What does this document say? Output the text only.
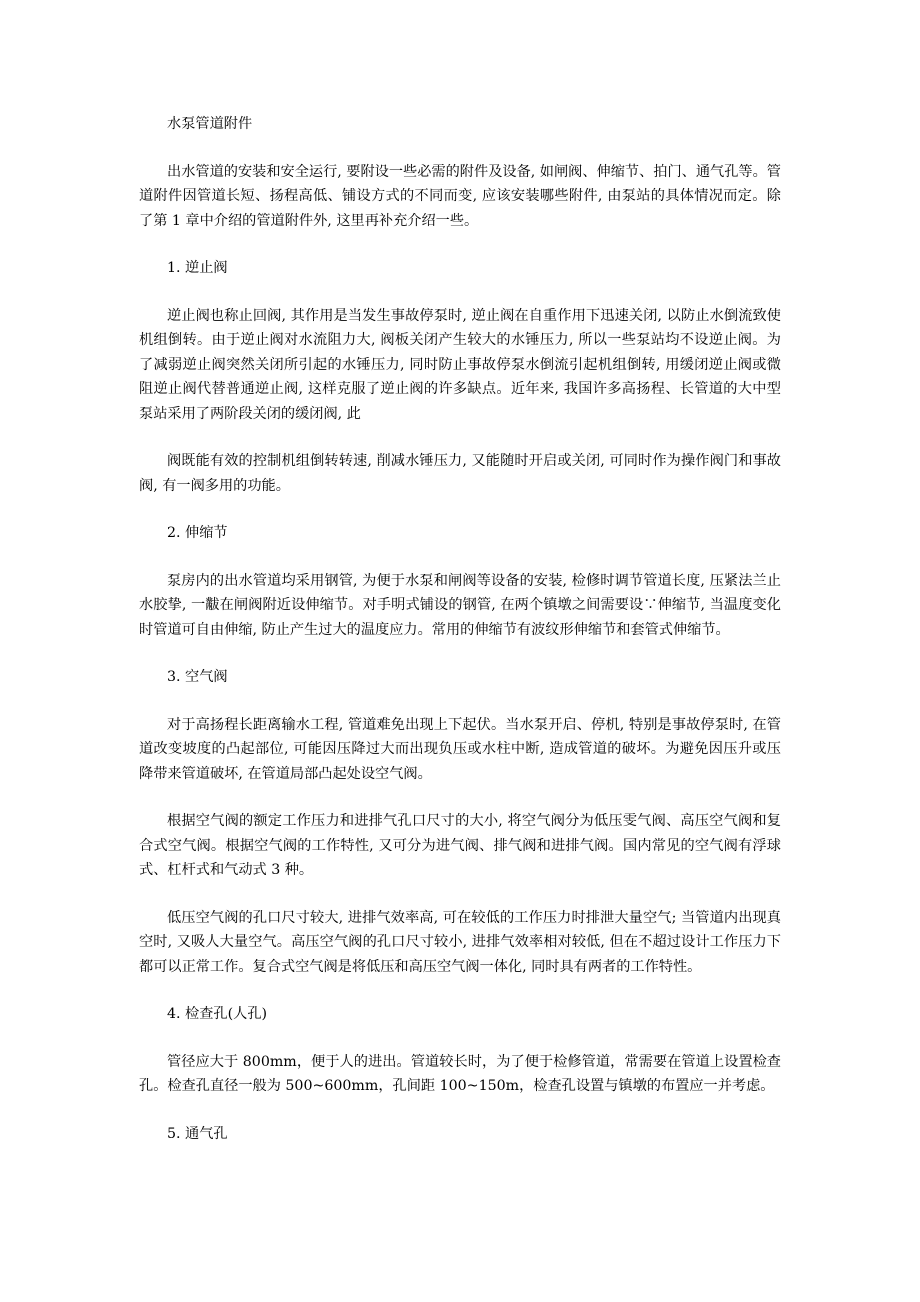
水泵管道附件

出水管道的安装和安全运行, 要附设一些必需的附件及设备, 如闸阀、伸缩节、拍门、通气孔等。管道附件因管道长短、扬程高低、铺设方式的不同而变, 应该安装哪些附件, 由泵站的具体情况而定。除了第 1 章中介绍的管道附件外, 这里再补充介绍一些。

1. 逆止阀

逆止阀也称止回阀, 其作用是当发生事故停泵时, 逆止阀在自重作用下迅速关闭, 以防止水倒流致使机组倒转。由于逆止阀对水流阻力大, 阀板关闭产生较大的水锤压力, 所以一些泵站均不设逆止阀。为了减弱逆止阀突然关闭所引起的水锤压力, 同时防止事故停泵水倒流引起机组倒转, 用缓闭逆止阀或微阻逆止阀代替普通逆止阀, 这样克服了逆止阀的许多缺点。近年来, 我国许多高扬程、长管道的大中型泵站采用了两阶段关闭的缓闭阀, 此

阀既能有效的控制机组倒转转速, 削减水锤压力, 又能随时开启或关闭, 可同时作为操作阀门和事故阀, 有一阀多用的功能。

2. 伸缩节

泵房内的出水管道均采用钢管, 为便于水泵和闸阀等设备的安装, 检修时调节管道长度, 压紧法兰止水胶挚, 一黻在闸阀附近设伸缩节。对手明式铺设的钢管, 在两个镇墩之间需要设∵伸缩节, 当温度变化时管道可自由伸缩, 防止产生过大的温度应力。常用的伸缩节有波纹形伸缩节和套管式伸缩节。

3. 空气阀

对于高扬程长距离输水工程, 管道难免出现上下起伏。当水泵开启、停机, 特别是事故停泵时, 在管道改变坡度的凸起部位, 可能因压降过大而出现负压或水柱中断, 造成管道的破坏。为避免因压升或压降带来管道破坏, 在管道局部凸起处设空气阀。

根据空气阀的额定工作压力和进排气孔口尺寸的大小, 将空气阀分为低压雯气阀、高压空气阀和复合式空气阀。根据空气阀的工作特性, 又可分为进气阀、排气阀和进排气阀。国内常见的空气阀有浮球式、杠杆式和气动式 3 种。

低压空气阀的孔口尺寸较大, 进排气效率高, 可在较低的工作压力时排泄大量空气; 当管道内出现真空时, 又吸人大量空气。高压空气阀的孔口尺寸较小, 进排气效率相对较低, 但在不超过设计工作压力下都可以正常工作。复合式空气阀是将低压和高压空气阀一体化, 同时具有两者的工作特性。

4. 检查孔(人孔)

管径应大于 800mm，便于人的进出。管道较长时，为了便于检修管道，常需要在管道上设置检查孔。检查孔直径一般为 500~600mm，孔间距 100~150m，检查孔设置与镇墩的布置应一并考虑。

5. 通气孔
